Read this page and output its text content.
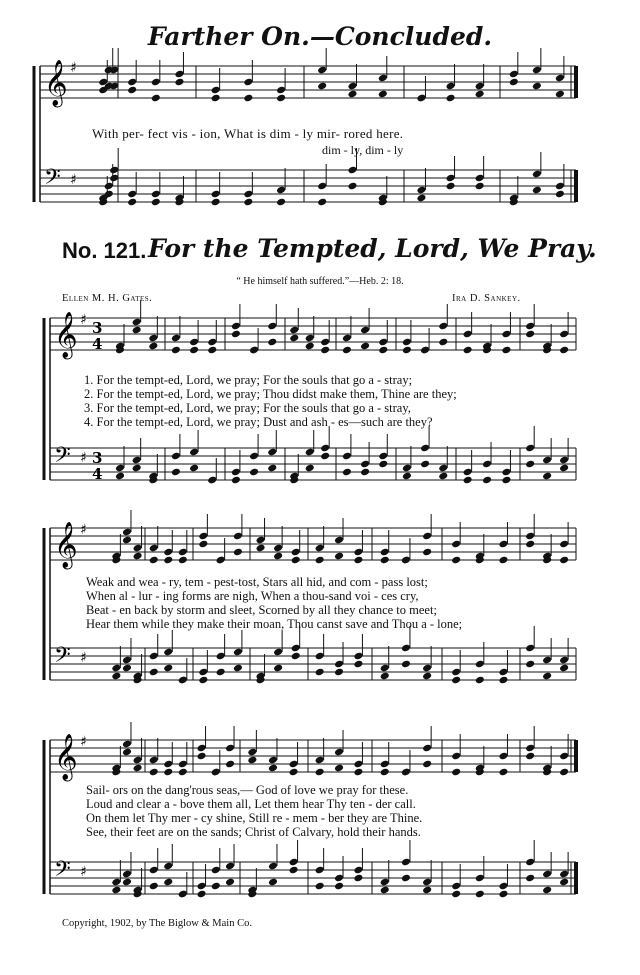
Farther On.—Concluded.
𝄞 ♯
𝄢 ♯
With per- fect vis - ion, What is dim - ly mir- rored here.
dim - ly, dim - ly
No. 121. For the Tempted, Lord, We Pray.
“ He himself hath suffered.”—Heb. 2: 18.
Ellen M. H. Gates.	Ira D. Sankey.
𝄞 ♯
𝄢 ♯
3
4
3
4
1. For the tempt-ed, Lord, we pray; For the souls that go a - stray;
2. For the tempt-ed, Lord, we pray; Thou didst make them, Thine are they;
3. For the tempt-ed, Lord, we pray; For the souls that go a - stray,
4. For the tempt-ed, Lord, we pray; Dust and ash - es—such are they?
𝄞 ♯
𝄢 ♯
Weak and wea - ry, tem - pest-tost, Stars all hid, and com - pass lost;
When al - lur - ing forms are nigh, When a thou-sand voi - ces cry,
Beat - en back by storm and sleet, Scorned by all they chance to meet;
Hear them while they make their moan, Thou canst save and Thou a - lone;
𝄞 ♯
𝄢 ♯
Sail- ors on the dang'rous seas,— God of love we pray for these.
Loud and clear a - bove them all, Let them hear Thy ten - der call.
On them let Thy mer - cy shine, Still re - mem - ber they are Thine.
See, their feet are on the sands; Christ of Calvary, hold their hands.
Copyright, 1902, by The Biglow & Main Co.
